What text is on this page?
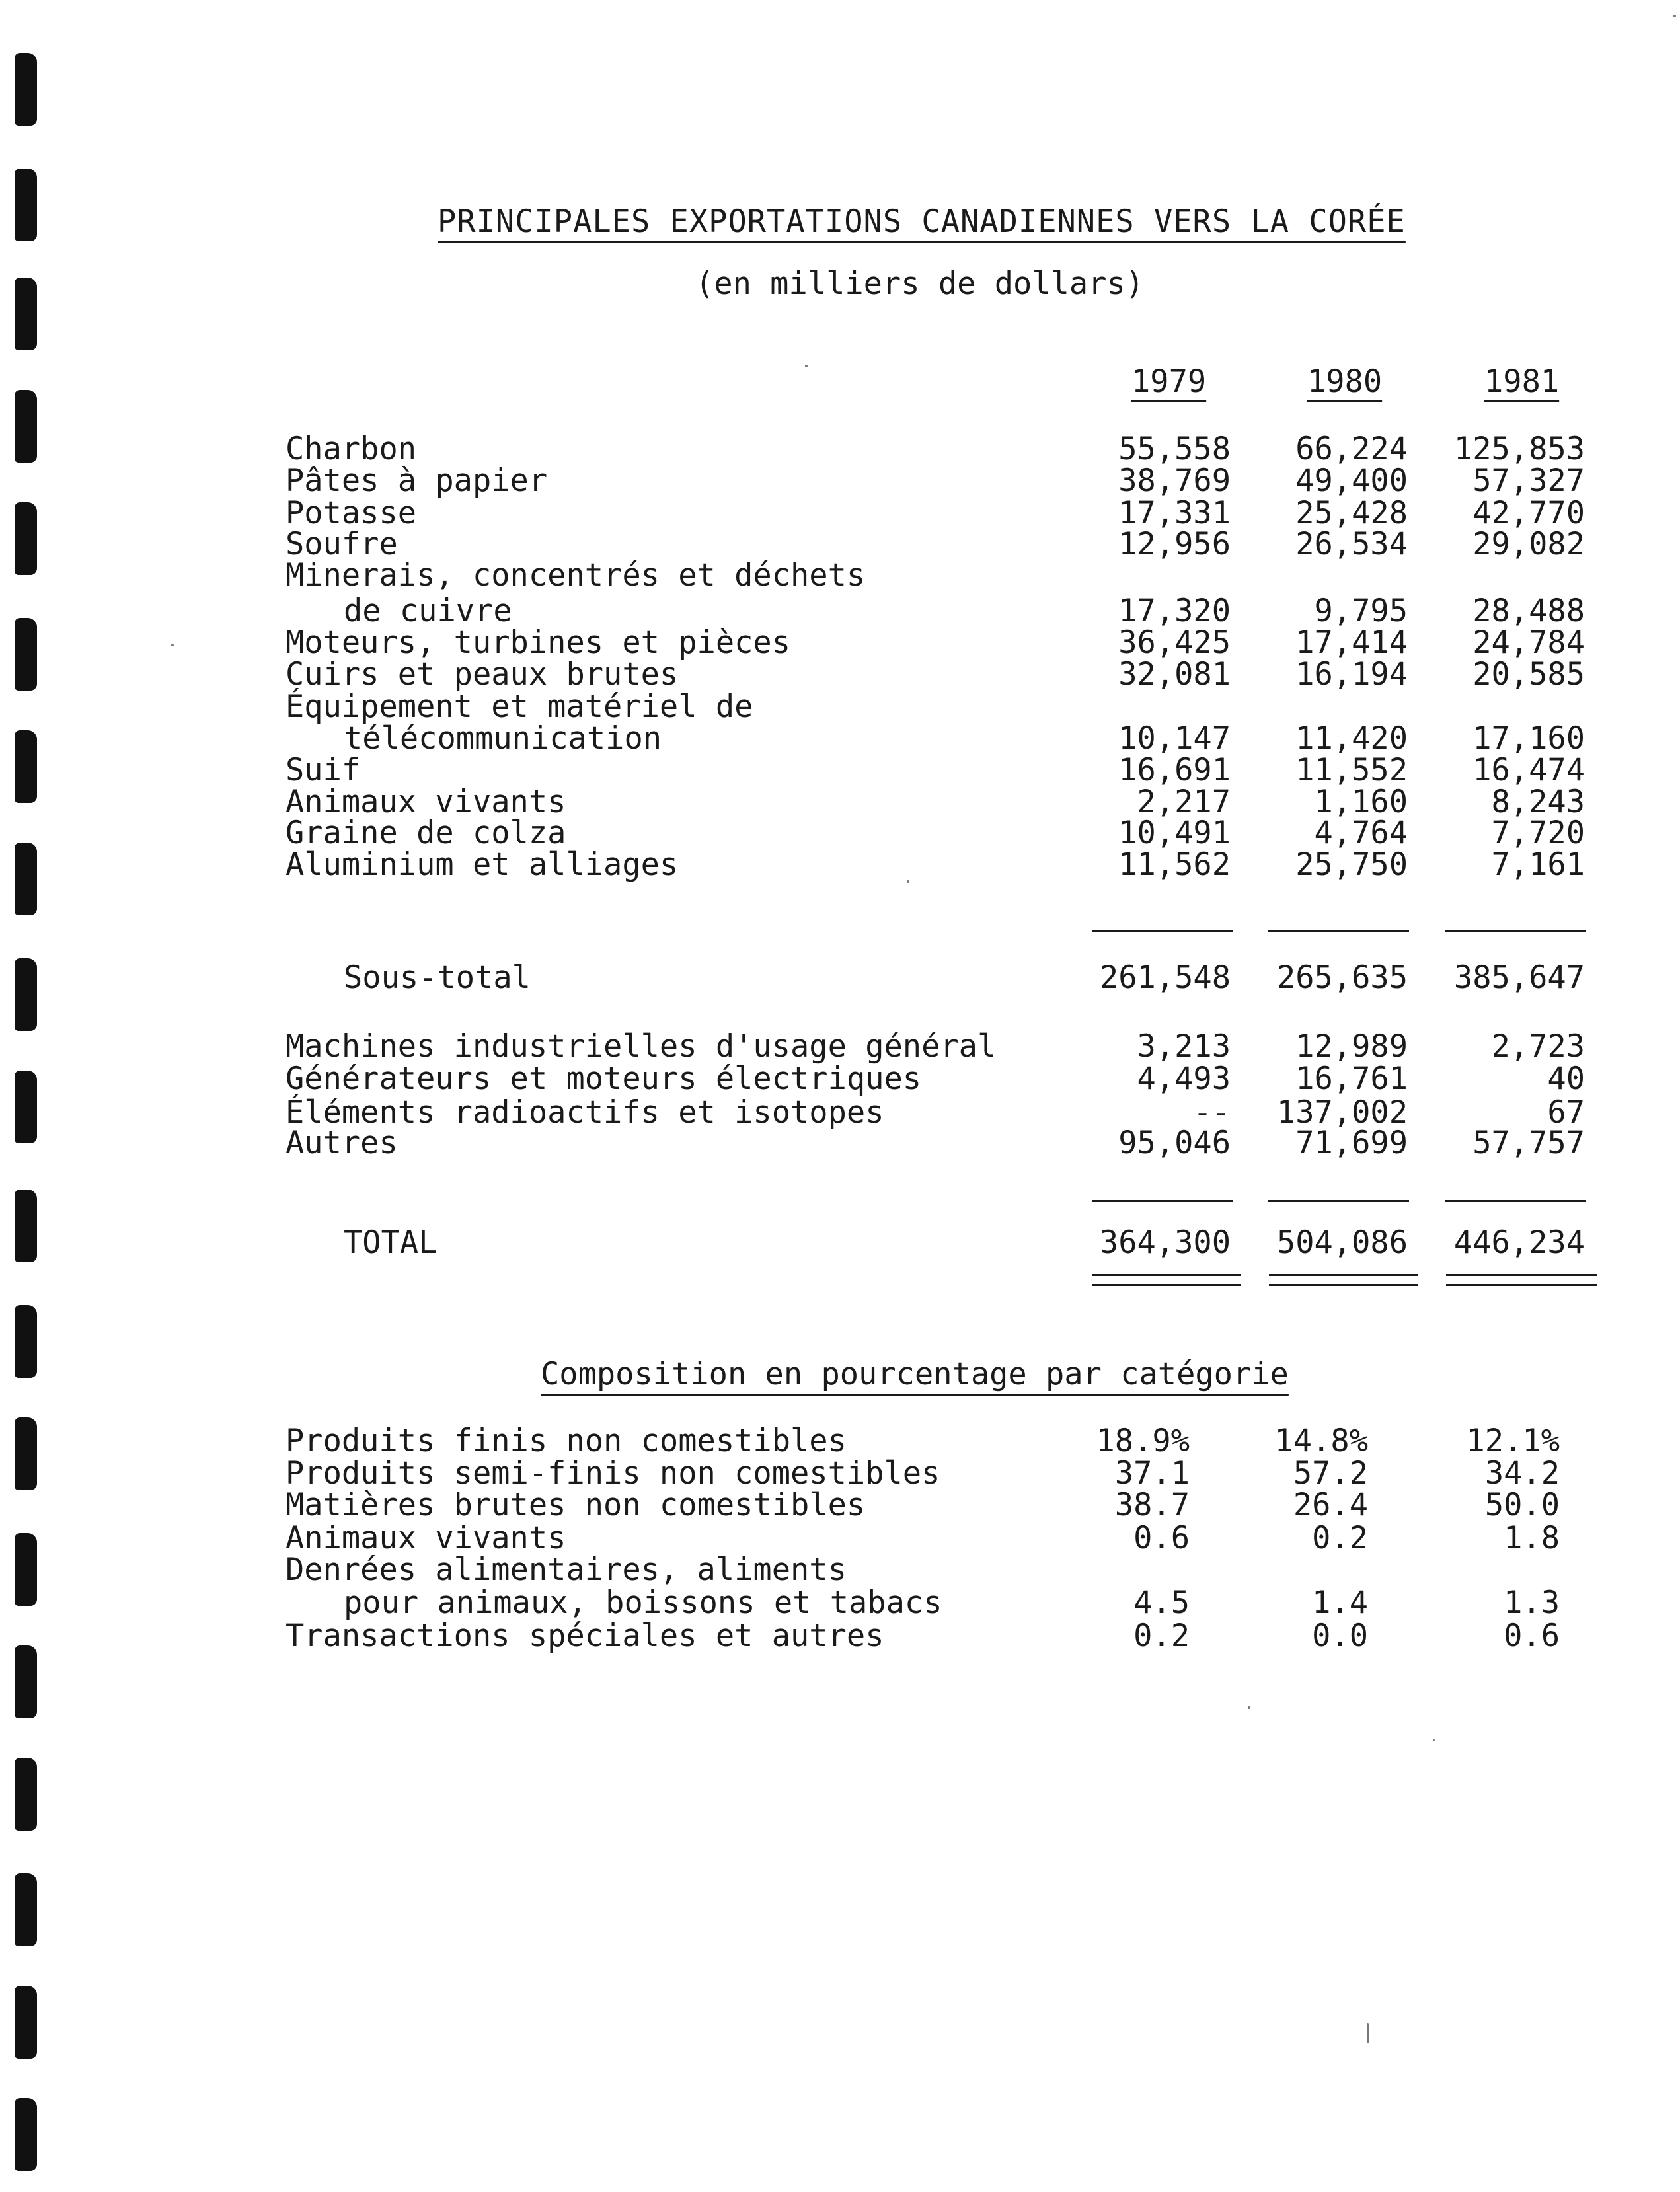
PRINCIPALES EXPORTATIONS CANADIENNES VERS LA CORÉE
(en milliers de dollars)
1979	1980	1981
Charbon	55,558	66,224	125,853
Pâtes à papier	38,769	49,400	57,327
Potasse	17,331	25,428	42,770
Soufre	12,956	26,534	29,082
Minerais, concentrés et déchets
de cuivre	17,320	9,795	28,488
Moteurs, turbines et pièces	36,425	17,414	24,784
Cuirs et peaux brutes	32,081	16,194	20,585
Équipement et matériel de
télécommunication	10,147	11,420	17,160
Suif	16,691	11,552	16,474
Animaux vivants	2,217	1,160	8,243
Graine de colza	10,491	4,764	7,720
Aluminium et alliages	11,562	25,750	7,161
Sous-total	261,548	265,635	385,647
Machines industrielles d'usage général	3,213	12,989	2,723
Générateurs et moteurs électriques	4,493	16,761	40
Éléments radioactifs et isotopes	--	137,002	67
Autres	95,046	71,699	57,757
TOTAL	364,300	504,086	446,234
Composition en pourcentage par catégorie
Produits finis non comestibles	18.9%	14.8%	12.1%
Produits semi-finis non comestibles	37.1	57.2	34.2
Matières brutes non comestibles	38.7	26.4	50.0
Animaux vivants	0.6	0.2	1.8
Denrées alimentaires, aliments
pour animaux, boissons et tabacs	4.5	1.4	1.3
Transactions spéciales et autres	0.2	0.0	0.6
